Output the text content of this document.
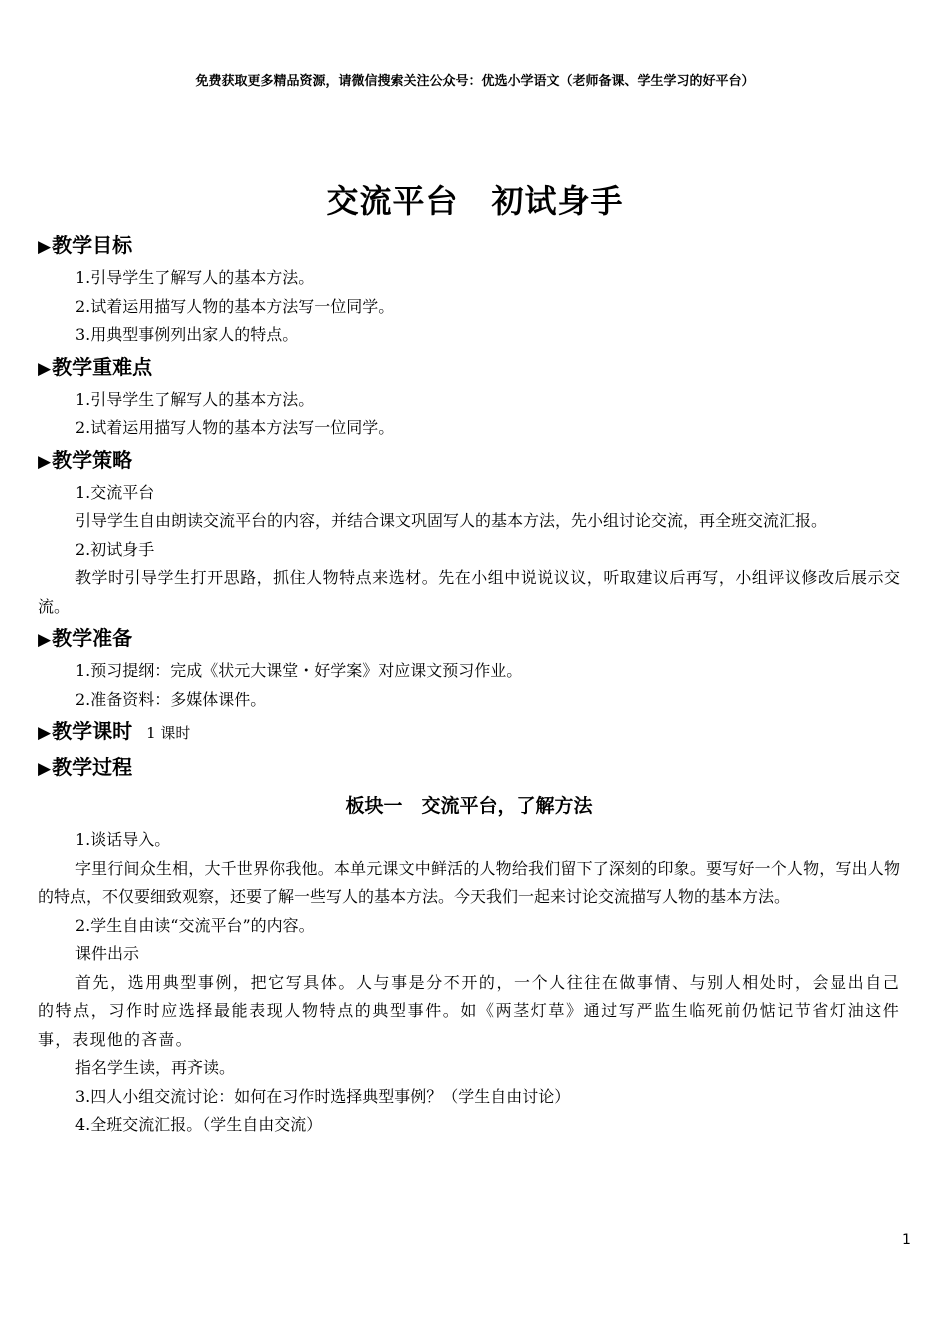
免费获取更多精品资源，请微信搜索关注公众号：优选小学语文（老师备课、学生学习的好平台）
交流平台　初试身手
▶教学目标

1.引导学生了解写人的基本方法。

2.试着运用描写人物的基本方法写一位同学。

3.用典型事例列出家人的特点。

▶教学重难点

1.引导学生了解写人的基本方法。

2.试着运用描写人物的基本方法写一位同学。

▶教学策略

1.交流平台

引导学生自由朗读交流平台的内容，并结合课文巩固写人的基本方法，先小组讨论交流，再全班交流汇报。

2.初试身手

教学时引导学生打开思路，抓住人物特点来选材。先在小组中说说议议，听取建议后再写，小组评议修改后展示交流。

▶教学准备

1.预习提纲：完成《状元大课堂・好学案》对应课文预习作业。

2.准备资料：多媒体课件。

▶教学课时 1 课时
▶教学过程
板块一　交流平台，了解方法

1.谈话导入。

字里行间众生相，大千世界你我他。本单元课文中鲜活的人物给我们留下了深刻的印象。要写好一个人物，写出人物的特点，不仅要细致观察，还要了解一些写人的基本方法。今天我们一起来讨论交流描写人物的基本方法。

2.学生自由读“交流平台”的内容。

课件出示

首先，选用典型事例，把它写具体。人与事是分不开的，一个人往往在做事情、与别人相处时，会显出自己的特点，习作时应选择最能表现人物特点的典型事件。如《两茎灯草》通过写严监生临死前仍惦记节省灯油这件事，表现他的吝啬。

指名学生读，再齐读。

3.四人小组交流讨论：如何在习作时选择典型事例？（学生自由讨论）

4.全班交流汇报。（学生自由交流）

1
